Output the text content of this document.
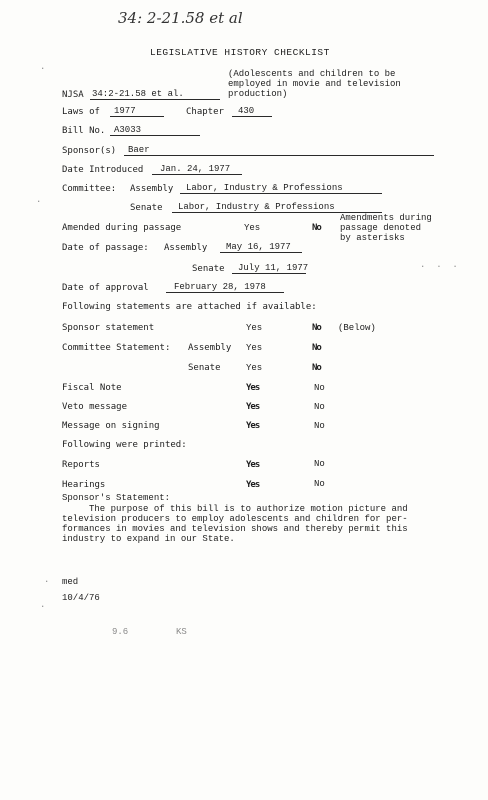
34: 2-21.58 et al
LEGISLATIVE HISTORY CHECKLIST
(Adolescents and children to be
employed in movie and television
production)
NJSA 34:2-21.58 et al.
Laws of 1977	Chapter 430
Bill No. A3033
Sponsor(s) Baer
Date Introduced Jan. 24, 1977
Committee: Assembly Labor, Industry & Professions
Senate Labor, Industry & Professions
Amended during passage	Yes	No
Amendments during
passage denoted
by asterisks
Date of passage: Assembly May 16, 1977
Senate July 11, 1977
Date of approval	February 28, 1978
Following statements are attached if available:
Sponsor statement	Yes	No (Below)
Committee Statement: Assembly Yes	No
Senate	Yes	No
Fiscal Note	Yes	No
Veto message	Yes	No
Message on signing	Yes	No
Following were printed:
Reports	Yes	No
Hearings	Yes	No
Sponsor's Statement:
The purpose of this bill is to authorize motion picture and
television producers to employ adolescents and children for per-
formances in movies and television shows and thereby permit this
industry to expand in our State.
med
10/4/76
9.6	KS
.
.
·  ·  ·
.
.
